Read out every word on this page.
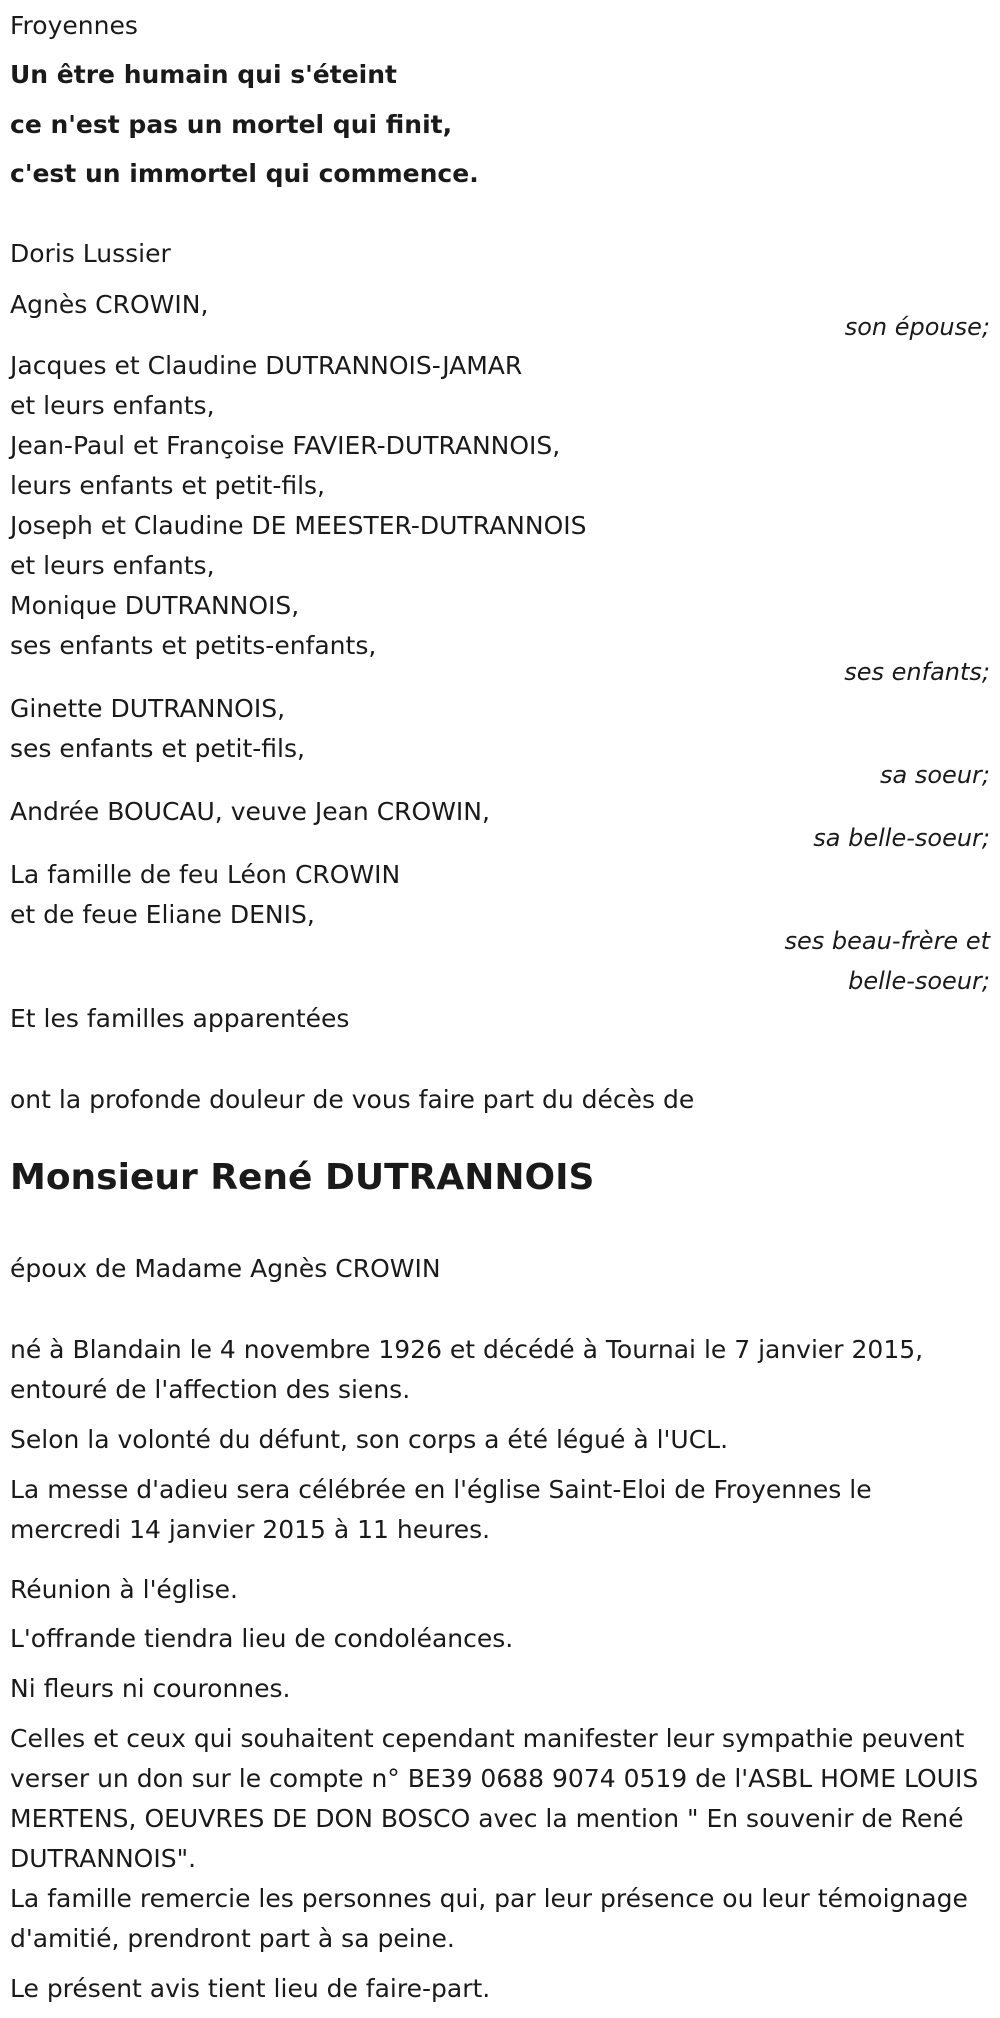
Froyennes
Un être humain qui s'éteint
ce n'est pas un mortel qui finit,
c'est un immortel qui commence.
Doris Lussier
Agnès CROWIN,
son épouse;
Jacques et Claudine DUTRANNOIS-JAMAR
et leurs enfants,
Jean-Paul et Françoise FAVIER-DUTRANNOIS,
leurs enfants et petit-fils,
Joseph et Claudine DE MEESTER-DUTRANNOIS
et leurs enfants,
Monique DUTRANNOIS,
ses enfants et petits-enfants,
ses enfants;
Ginette DUTRANNOIS,
ses enfants et petit-fils,
sa soeur;
Andrée BOUCAU, veuve Jean CROWIN,
sa belle-soeur;
La famille de feu Léon CROWIN
et de feue Eliane DENIS,
ses beau-frère et
belle-soeur;
Et les familles apparentées
ont la profonde douleur de vous faire part du décès de
Monsieur René DUTRANNOIS
époux de Madame Agnès CROWIN
né à Blandain le 4 novembre 1926 et décédé à Tournai le 7 janvier 2015, entouré de l'affection des siens.
Selon la volonté du défunt, son corps a été légué à l'UCL.
La messe d'adieu sera célébrée en l'église Saint-Eloi de Froyennes le mercredi 14 janvier 2015 à 11 heures.
Réunion à l'église.
L'offrande tiendra lieu de condoléances.
Ni fleurs ni couronnes.
Celles et ceux qui souhaitent cependant manifester leur sympathie peuvent verser un don sur le compte n° BE39 0688 9074 0519 de l'ASBL HOME LOUIS MERTENS, OEUVRES DE DON BOSCO avec la mention " En souvenir de René DUTRANNOIS".
La famille remercie les personnes qui, par leur présence ou leur témoignage d'amitié, prendront part à sa peine.
Le présent avis tient lieu de faire-part.
